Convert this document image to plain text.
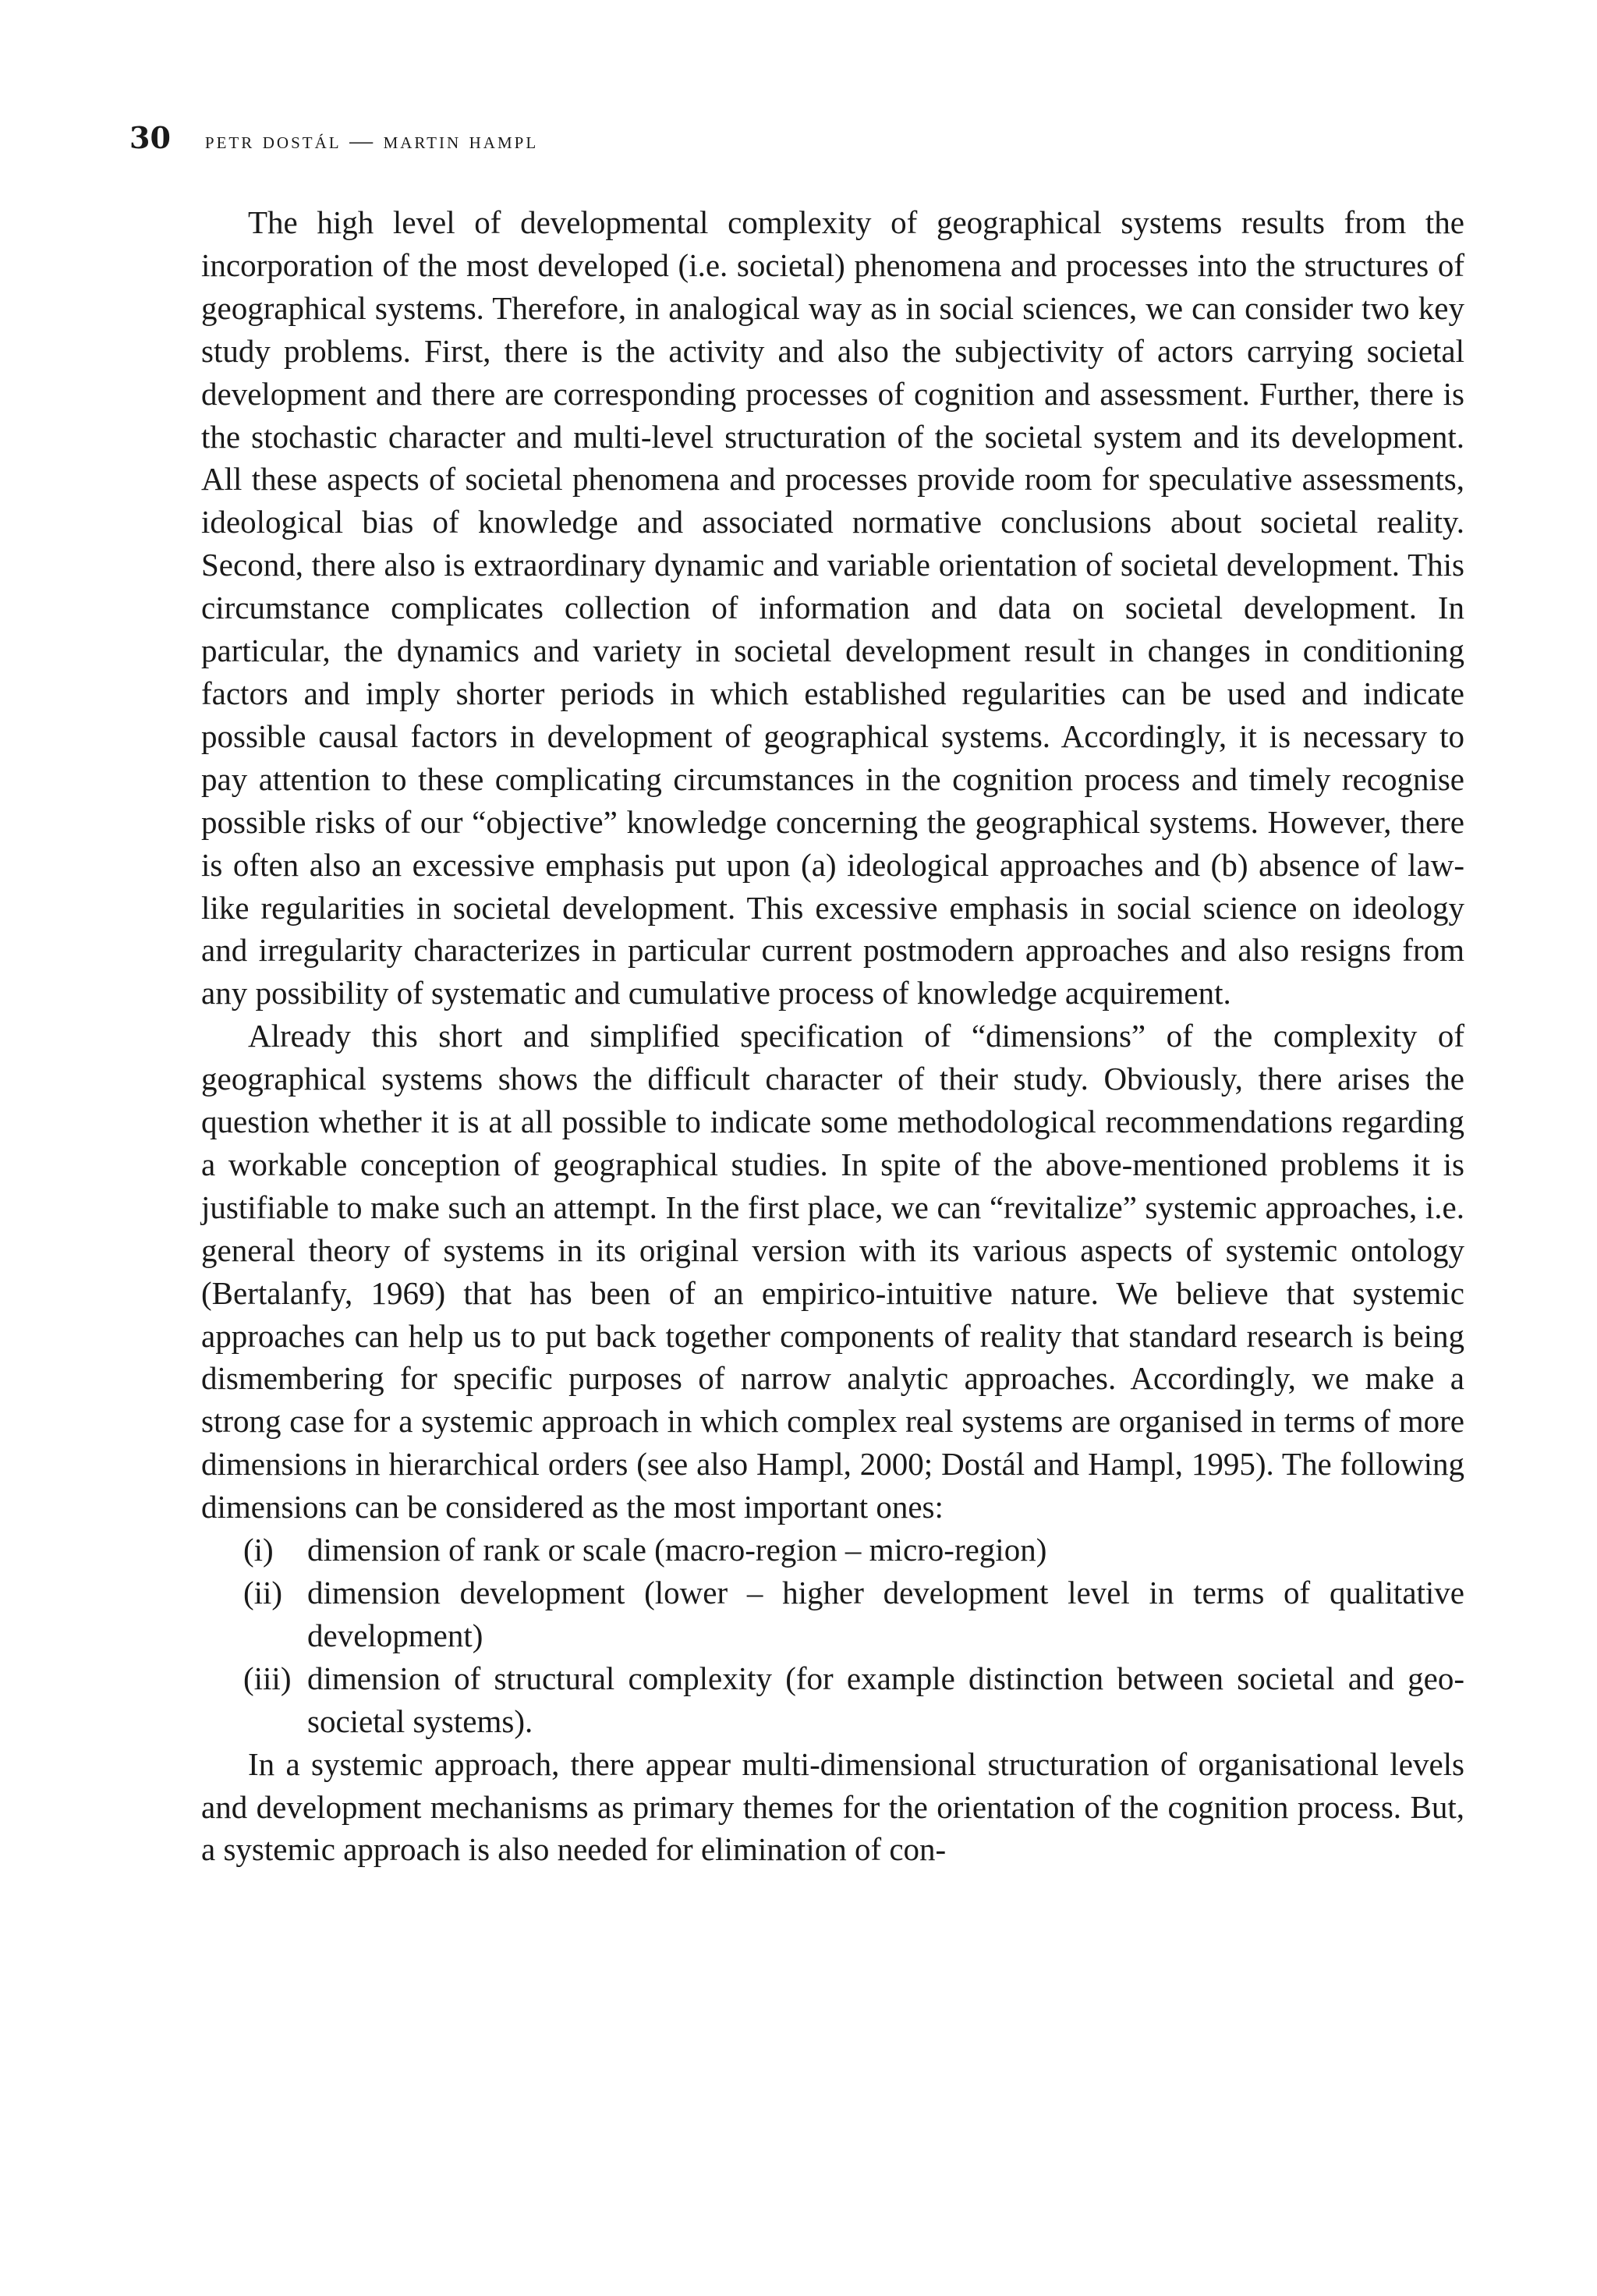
30 petr dostál — martin hampl

The high level of developmental complexity of geographical systems results from the incorporation of the most developed (i.e. societal) phenomena and processes into the structures of geographical systems. Therefore, in analogical way as in social sciences, we can consider two key study problems. First, there is the activity and also the subjectivity of actors carrying societal development and there are corresponding processes of cognition and assessment. Further, there is the stochastic character and multi-level structuration of the societal system and its development. All these aspects of societal phenomena and processes provide room for speculative assessments, ideological bias of knowledge and associated normative conclusions about societal reality. Second, there also is extraordinary dynamic and variable orientation of societal development. This circumstance complicates collection of information and data on societal development. In particular, the dynamics and variety in societal development result in changes in conditioning factors and imply shorter periods in which established regularities can be used and indicate possible causal factors in development of geographical systems. Accordingly, it is necessary to pay attention to these complicating circumstances in the cognition process and timely recognise possible risks of our “objective” knowledge concerning the geographical systems. However, there is often also an excessive emphasis put upon (a) ideological approaches and (b) absence of law-like regularities in societal development. This excessive emphasis in social science on ideology and irregularity characterizes in particular current postmodern approaches and also resigns from any possibility of systematic and cumulative process of knowledge acquirement.

Already this short and simplified specification of “dimensions” of the complexity of geographical systems shows the difficult character of their study. Obviously, there arises the question whether it is at all possible to indicate some methodological recommendations regarding a workable conception of geographical studies. In spite of the above-mentioned problems it is justifiable to make such an attempt. In the first place, we can “revitalize” systemic approaches, i.e. general theory of systems in its original version with its various aspects of systemic ontology (Bertalanfy, 1969) that has been of an empirico-intuitive nature. We believe that systemic approaches can help us to put back together components of reality that standard research is being dismembering for specific purposes of narrow analytic approaches. Accordingly, we make a strong case for a systemic approach in which complex real systems are organised in terms of more dimensions in hierarchical orders (see also Hampl, 2000; Dostál and Hampl, 1995). The following dimensions can be considered as the most important ones:

(i) dimension of rank or scale (macro-region – micro-region)
(ii) dimension development (lower – higher development level in terms of qualitative development)
(iii) dimension of structural complexity (for example distinction between societal and geo-societal systems).

In a systemic approach, there appear multi-dimensional structuration of organisational levels and development mechanisms as primary themes for the orientation of the cognition process. But, a systemic approach is also needed for elimination of con-
